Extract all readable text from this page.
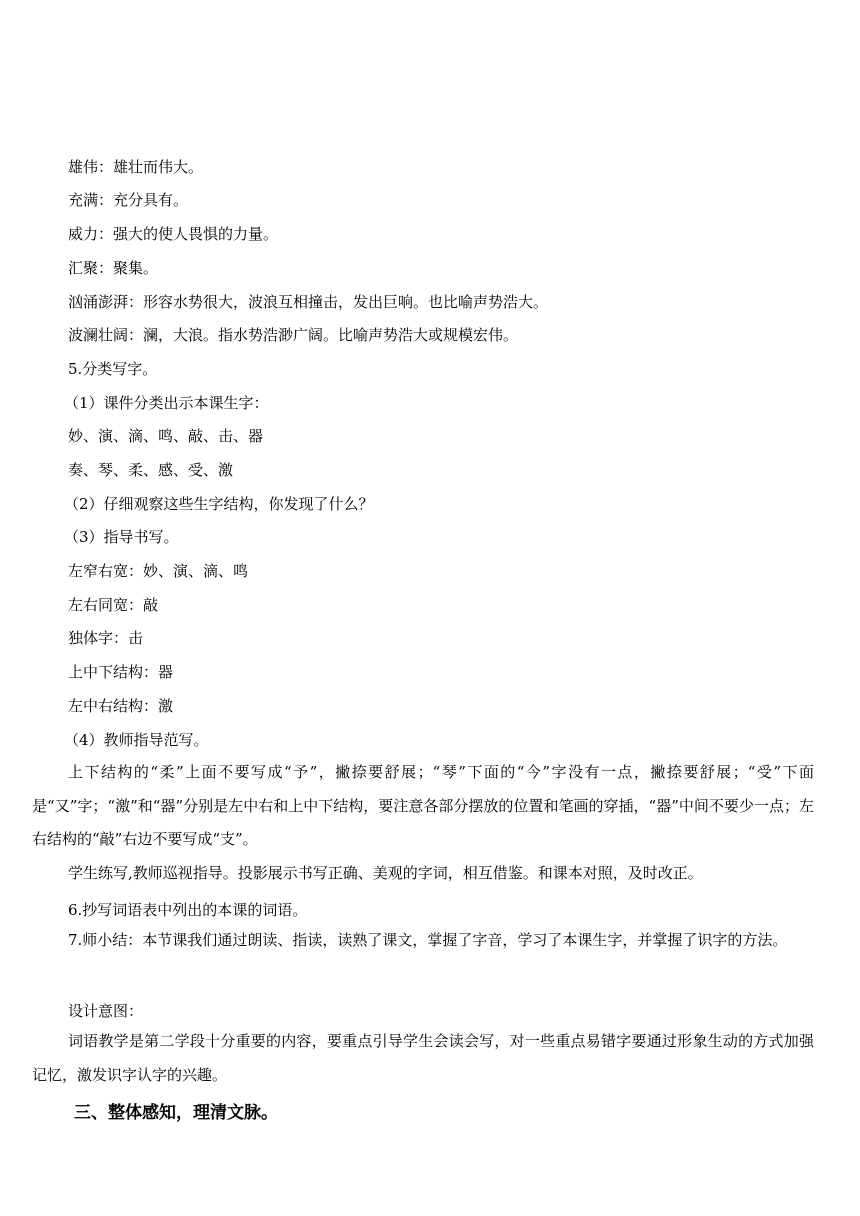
雄伟：雄壮而伟大。
充满：充分具有。
威力：强大的使人畏惧的力量。
汇聚：聚集。
汹涌澎湃：形容水势很大，波浪互相撞击，发出巨响。也比喻声势浩大。
波澜壮阔：澜，大浪。指水势浩渺广阔。比喻声势浩大或规模宏伟。
5.分类写字。
（1）课件分类出示本课生字：
妙、演、滴、鸣、敲、击、器
奏、琴、柔、感、受、激
（2）仔细观察这些生字结构，你发现了什么？
（3）指导书写。
左窄右宽：妙、演、滴、鸣
左右同宽：敲
独体字：击
上中下结构：器
左中右结构：激
（4）教师指导范写。
上下结构的“柔”上面不要写成“予”，撇捺要舒展；“琴”下面的“今”字没有一点，撇捺要舒展；“受”下面是“又”字；“激”和“器”分别是左中右和上中下结构，要注意各部分摆放的位置和笔画的穿插，“器”中间不要少一点；左右结构的“敲”右边不要写成“支”。
学生练写,教师巡视指导。投影展示书写正确、美观的字词，相互借鉴。和课本对照，及时改正。
6.抄写词语表中列出的本课的词语。
7.师小结：本节课我们通过朗读、指读，读熟了课文，掌握了字音，学习了本课生字，并掌握了识字的方法。
设计意图：
词语教学是第二学段十分重要的内容，要重点引导学生会读会写，对一些重点易错字要通过形象生动的方式加强记忆，激发识字认字的兴趣。
三、整体感知，理清文脉。
